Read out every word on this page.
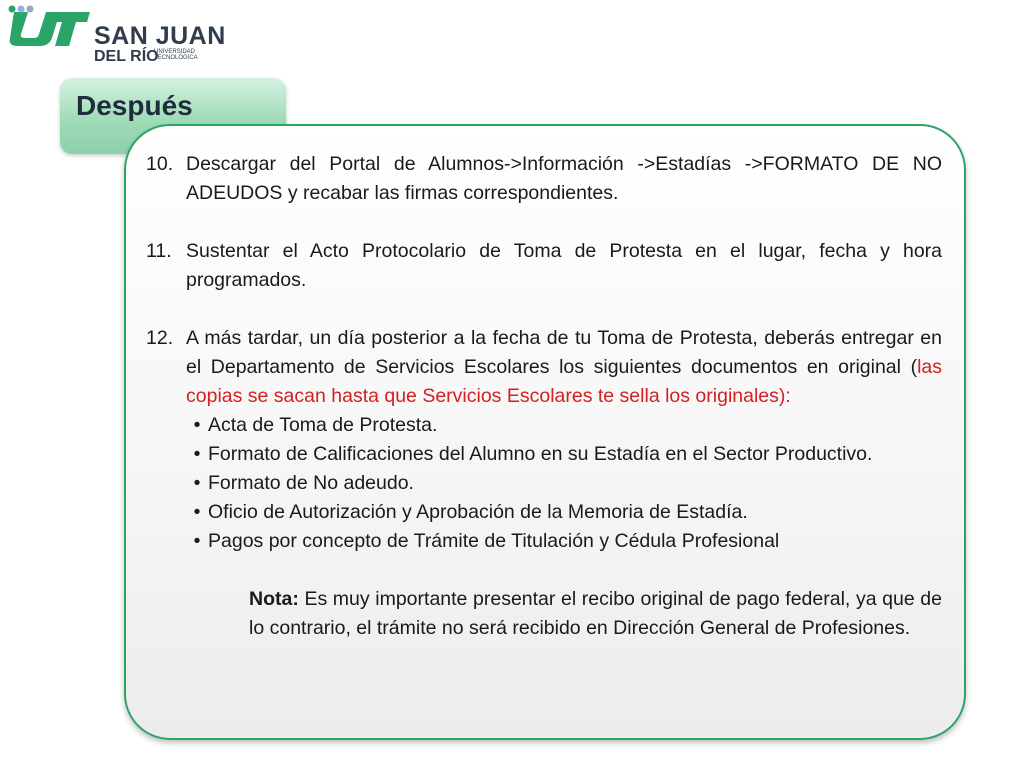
SAN JUAN
DEL RÍO
UNIVERSIDAD TECNOLÓGICA
Después
10. Descargar del Portal de Alumnos->Información ->Estadías ->FORMATO DE NO ADEUDOS y recabar las firmas correspondientes.
11. Sustentar el Acto Protocolario de Toma de Protesta en el lugar, fecha y hora programados.
12. A más tardar, un día posterior a la fecha de tu Toma de Protesta, deberás entregar en el Departamento de Servicios Escolares los siguientes documentos en original (las copias se sacan hasta que Servicios Escolares te sella los originales):
• Acta de Toma de Protesta.
• Formato de Calificaciones del Alumno en su Estadía en el Sector Productivo.
• Formato de No adeudo.
• Oficio de Autorización y Aprobación de la Memoria de Estadía.
• Pagos por concepto de Trámite de Titulación y Cédula Profesional
Nota: Es muy importante presentar el recibo original de pago federal, ya que de lo contrario, el trámite no será recibido en Dirección General de Profesiones.
